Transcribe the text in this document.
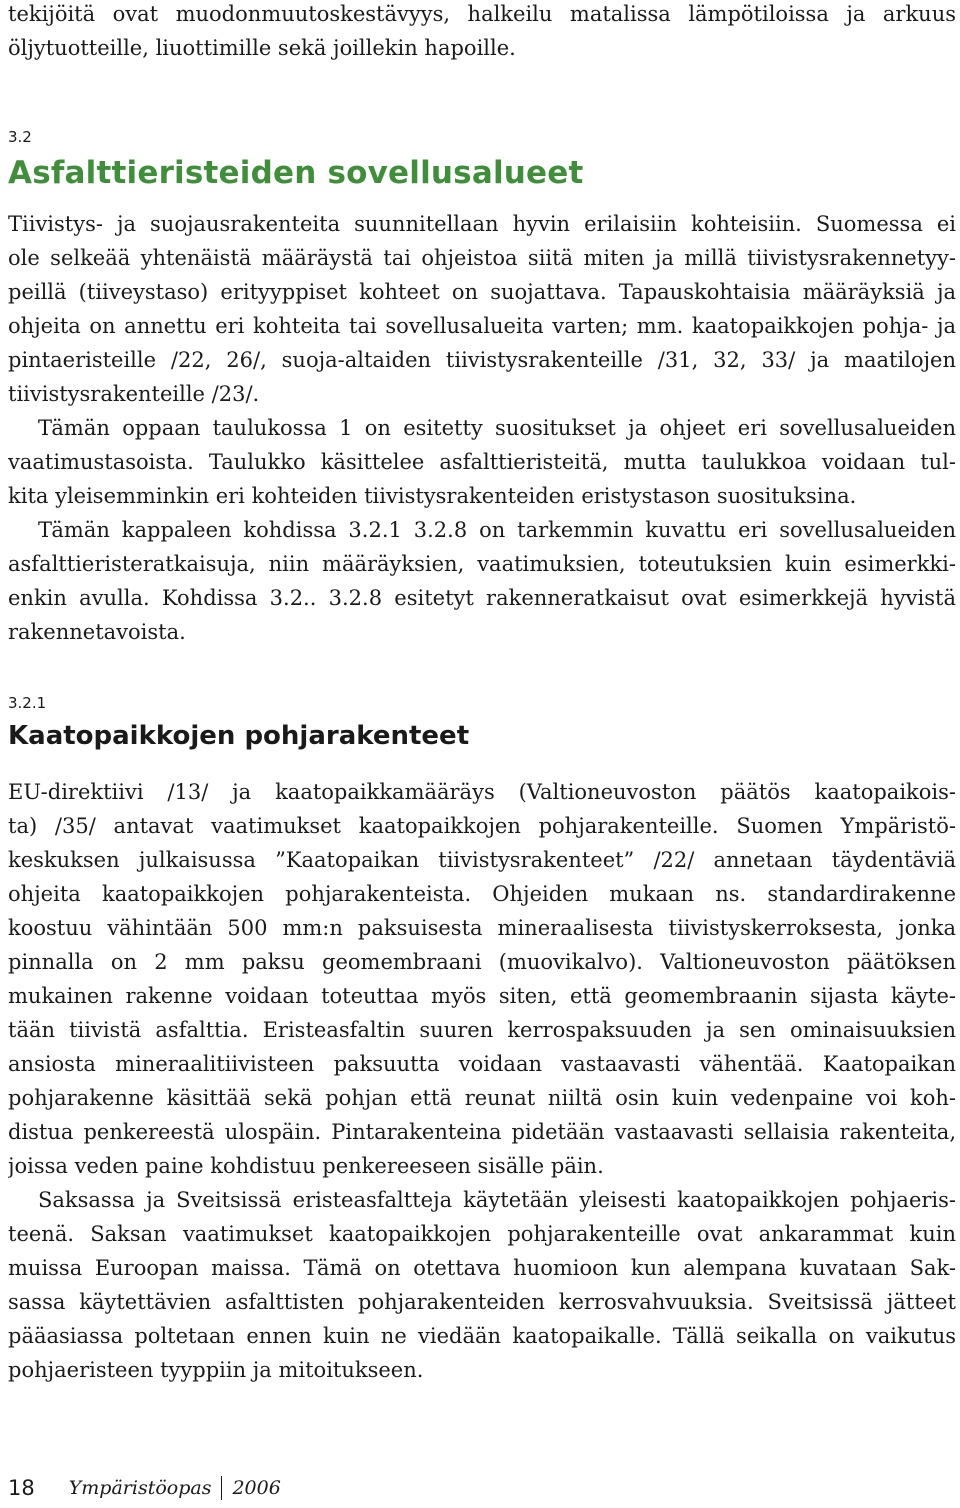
tekijöitä ovat muodonmuutoskestävyys, halkeilu matalissa lämpötiloissa ja arkuus

öljytuotteille, liuottimille sekä joillekin hapoille.

3.2

Asfalttieristeiden sovellusalueet

Tiivistys- ja suojausrakenteita suunnitellaan hyvin erilaisiin kohteisiin. Suomessa ei

ole selkeää yhtenäistä määräystä tai ohjeistoa siitä miten ja millä tiivistysrakennetyy-

peillä (tiiveystaso) erityyppiset kohteet on suojattava. Tapauskohtaisia määräyksiä ja

ohjeita on annettu eri kohteita tai sovellusalueita varten; mm. kaatopaikkojen pohja- ja

pintaeristeille /22, 26/, suoja-altaiden tiivistysrakenteille /31, 32, 33/ ja maatilojen

tiivistysrakenteille /23/.

Tämän oppaan taulukossa 1 on esitetty suositukset ja ohjeet eri sovellusalueiden

vaatimustasoista. Taulukko käsittelee asfalttieristeitä, mutta taulukkoa voidaan tul-

kita yleisemminkin eri kohteiden tiivistysrakenteiden eristystason suosituksina.

Tämän kappaleen kohdissa 3.2.1 3.2.8 on tarkemmin kuvattu eri sovellusalueiden

asfalttieristeratkaisuja, niin määräyksien, vaatimuksien, toteutuksien kuin esimerkki-

enkin avulla. Kohdissa 3.2.. 3.2.8 esitetyt rakenneratkaisut ovat esimerkkejä hyvistä

rakennetavoista.

3.2.1

Kaatopaikkojen pohjarakenteet

EU-direktiivi /13/ ja kaatopaikkamääräys (Valtioneuvoston päätös kaatopaikois-

ta) /35/ antavat vaatimukset kaatopaikkojen pohjarakenteille. Suomen Ympäristö-

keskuksen julkaisussa ”Kaatopaikan tiivistysrakenteet” /22/ annetaan täydentäviä

ohjeita kaatopaikkojen pohjarakenteista. Ohjeiden mukaan ns. standardirakenne

koostuu vähintään 500 mm:n paksuisesta mineraalisesta tiivistyskerroksesta, jonka

pinnalla on 2 mm paksu geomembraani (muovikalvo). Valtioneuvoston päätöksen

mukainen rakenne voidaan toteuttaa myös siten, että geomembraanin sijasta käyte-

tään tiivistä asfalttia. Eristeasfaltin suuren kerrospaksuuden ja sen ominaisuuksien

ansiosta mineraalitiivisteen paksuutta voidaan vastaavasti vähentää. Kaatopaikan

pohjarakenne käsittää sekä pohjan että reunat niiltä osin kuin vedenpaine voi koh-

distua penkereestä ulospäin. Pintarakenteina pidetään vastaavasti sellaisia rakenteita,

joissa veden paine kohdistuu penkereeseen sisälle päin.

Saksassa ja Sveitsissä eristeasfaltteja käytetään yleisesti kaatopaikkojen pohjaeris-

teenä. Saksan vaatimukset kaatopaikkojen pohjarakenteille ovat ankarammat kuin

muissa Euroopan maissa. Tämä on otettava huomioon kun alempana kuvataan Sak-

sassa käytettävien asfalttisten pohjarakenteiden kerrosvahvuuksia. Sveitsissä jätteet

pääasiassa poltetaan ennen kuin ne viedään kaatopaikalle. Tällä seikalla on vaikutus

pohjaeristeen tyyppiin ja mitoitukseen.

18 Ympäristöopas 2006
